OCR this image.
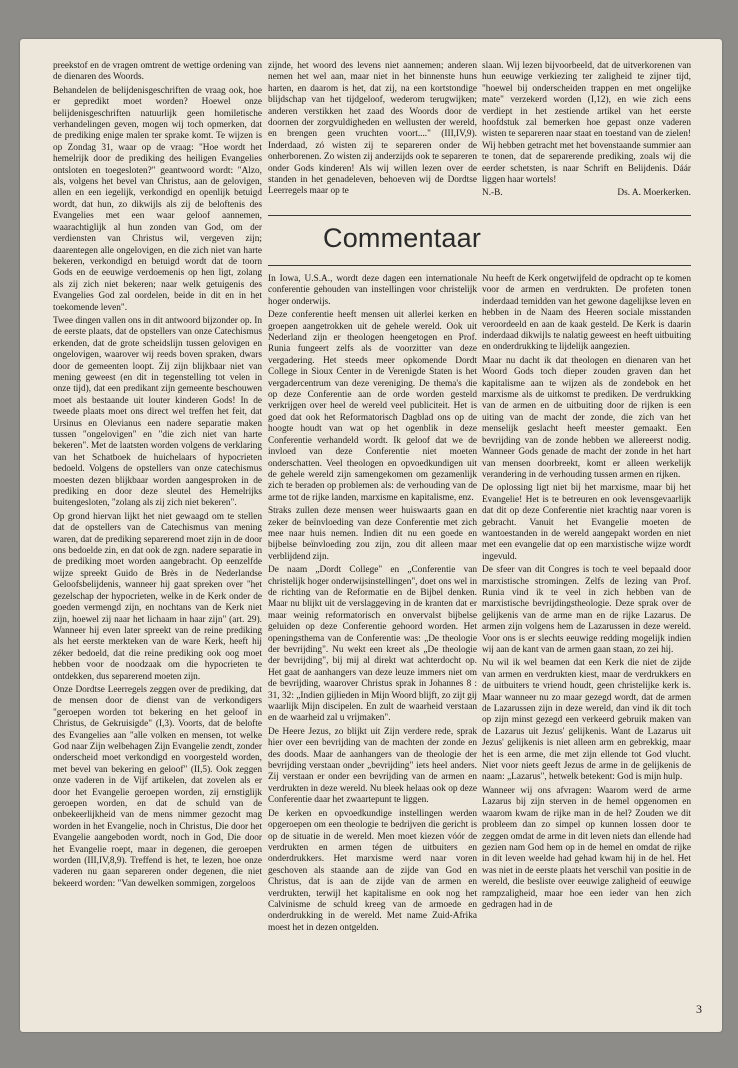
preekstof en de vragen omtrent de wettige ordening van de dienaren des Woords.

Behandelen de belijdenisgeschriften de vraag ook, hoe er gepredikt moet worden? Hoewel onze belijdenisgeschriften natuurlijk geen homiletische verhandelingen geven, mogen wij toch opmerken, dat de prediking enige malen ter sprake komt. Te wijzen is op Zondag 31, waar op de vraag: "Hoe wordt het hemelrijk door de prediking des heiligen Evangelies ontsloten en toegesloten?" geantwoord wordt: "Alzo, als, volgens het bevel van Christus, aan de gelovigen, allen en een iegelijk, verkondigd en openlijk betuigd wordt, dat hun, zo dikwijls als zij de beloftenis des Evangelies met een waar geloof aannemen, waarachtiglijk al hun zonden van God, om der verdiensten van Christus wil, vergeven zijn; daarentegen alle ongelovigen, en die zich niet van harte bekeren, verkondigd en betuigd wordt dat de toorn Gods en de eeuwige verdoemenis op hen ligt, zolang als zij zich niet bekeren; naar welk getuigenis des Evangelies God zal oordelen, beide in dit en in het toekomende leven".

Twee dingen vallen ons in dit antwoord bijzonder op. In de eerste plaats, dat de opstellers van onze Catechismus erkenden, dat de grote scheidslijn tussen gelovigen en ongelovigen, waarover wij reeds boven spraken, dwars door de gemeenten loopt. Zij zijn blijkbaar niet van mening geweest (en dit in tegenstelling tot velen in onze tijd), dat een predikant zijn gemeente beschouwen moet als bestaande uit louter kinderen Gods! In de tweede plaats moet ons direct wel treffen het feit, dat Ursinus en Olevianus een nadere separatie maken tussen "ongelovigen" en "die zich niet van harte bekeren". Met de laatsten worden volgens de verklaring van het Schatboek de huichelaars of hypocrieten bedoeld. Volgens de opstellers van onze catechismus moesten dezen blijkbaar worden aangesproken in de prediking en door deze sleutel des Hemelrijks buitengesloten, "zolang als zij zich niet bekeren".

Op grond hiervan lijkt het niet gewaagd om te stellen dat de opstellers van de Catechismus van mening waren, dat de prediking separerend moet zijn in de door ons bedoelde zin, en dat ook de zgn. nadere separatie in de prediking moet worden aangebracht. Op eenzelfde wijze spreekt Guido de Brès in de Nederlandse Geloofsbelijdenis, wanneer hij gaat spreken over "het gezelschap der hypocrieten, welke in de Kerk onder de goeden vermengd zijn, en nochtans van de Kerk niet zijn, hoewel zij naar het lichaam in haar zijn" (art. 29). Wanneer hij even later spreekt van de reine prediking als het eerste merkteken van de ware Kerk, heeft hij zéker bedoeld, dat die reine prediking ook oog moet hebben voor de noodzaak om die hypocrieten te ontdekken, dus separerend moeten zijn.

Onze Dordtse Leerregels zeggen over de prediking, dat de mensen door de dienst van de verkondigers "geroepen worden tot bekering en het geloof in Christus, de Gekruisigde" (I,3). Voorts, dat de belofte des Evangelies aan "alle volken en mensen, tot welke God naar Zijn welbehagen Zijn Evangelie zendt, zonder onderscheid moet verkondigd en voorgesteld worden, met bevel van bekering en geloof" (II,5). Ook zeggen onze vaderen in de Vijf artikelen, dat zovelen als er door het Evangelie geroepen worden, zij ernstiglijk geroepen worden, en dat de schuld van de onbekeerlijkheid van de mens nimmer gezocht mag worden in het Evangelie, noch in Christus, Die door het Evangelie aangeboden wordt, noch in God, Die door het Evangelie roept, maar in degenen, die geroepen worden (III,IV,8,9). Treffend is het, te lezen, hoe onze vaderen nu gaan separeren onder degenen, die niet bekeerd worden: "Van dewelken sommigen, zorgeloos

zijnde, het woord des levens niet aannemen; anderen nemen het wel aan, maar niet in het binnenste huns harten, en daarom is het, dat zij, na een kortstondige blijdschap van het tijdgeloof, wederom terugwijken; anderen verstikken het zaad des Woords door de doornen der zorgvuldigheden en wellusten der wereld, en brengen geen vruchten voort...." (III,IV,9). Inderdaad, zó wisten zij te separeren onder de onherborenen. Zo wisten zij anderzijds ook te separeren onder Gods kinderen! Als wij willen lezen over de standen in het genadeleven, behoeven wij de Dordtse Leerregels maar op te

slaan. Wij lezen bijvoorbeeld, dat de uitverkorenen van hun eeuwige verkiezing ter zaligheid te zijner tijd, "hoewel bij onderscheiden trappen en met ongelijke mate" verzekerd worden (I,12), en wie zich eens verdiept in het zestiende artikel van het eerste hoofdstuk zal bemerken hoe gepast onze vaderen wisten te separeren naar staat en toestand van de zielen! Wij hebben getracht met het bovenstaande summier aan te tonen, dat de separerende prediking, zoals wij die eerder schetsten, is naar Schrift en Belijdenis. Dáár liggen haar wortels!

N.-B.	Ds. A. Moerkerken.
Commentaar

In Iowa, U.S.A., wordt deze dagen een internationale conferentie gehouden van instellingen voor christelijk hoger onderwijs.

Deze conferentie heeft mensen uit allerlei kerken en groepen aangetrokken uit de gehele wereld. Ook uit Nederland zijn er theologen heengetogen en Prof. Runia fungeert zelfs als de voorzitter van deze vergadering. Het steeds meer opkomende Dordt College in Sioux Center in de Verenigde Staten is het vergadercentrum van deze vereniging. De thema's die op deze Conferentie aan de orde worden gesteld verkrijgen over heel de wereld veel publiciteit. Het is goed dat ook het Reformatorisch Dagblad ons op de hoogte houdt van wat op het ogenblik in deze Conferentie verhandeld wordt. Ik geloof dat we de invloed van deze Conferentie niet moeten onderschatten. Veel theologen en opvoedkundigen uit de gehele wereld zijn samengekomen om gezamenlijk zich te beraden op problemen als: de verhouding van de arme tot de rijke landen, marxisme en kapitalisme, enz.

Straks zullen deze mensen weer huiswaarts gaan en zeker de beïnvloeding van deze Conferentie met zich mee naar huis nemen. Indien dit nu een goede en bijbelse beïnvloeding zou zijn, zou dit alleen maar verblijdend zijn.

De naam „Dordt College" en „Conferentie van christelijk hoger onderwijsinstellingen", doet ons wel in de richting van de Reformatie en de Bijbel denken. Maar nu blijkt uit de verslaggeving in de kranten dat er maar weinig reformatorisch en onvervalst bijbelse geluiden op deze Conferentie gehoord worden. Het openingsthema van de Conferentie was: „De theologie der bevrijding". Nu wekt een kreet als „De theologie der bevrijding", bij mij al direkt wat achterdocht op. Het gaat de aanhangers van deze leuze immers niet om de bevrijding, waarover Christus sprak in Johannes 8 : 31, 32: „Indien gijlieden in Mijn Woord blijft, zo zijt gij waarlijk Mijn discipelen. En zult de waarheid verstaan en de waarheid zal u vrijmaken".

De Heere Jezus, zo blijkt uit Zijn verdere rede, sprak hier over een bevrijding van de machten der zonde en des doods. Maar de aanhangers van de theologie der bevrijding verstaan onder „bevrijding" iets heel anders. Zij verstaan er onder een bevrijding van de armen en verdrukten in deze wereld. Nu bleek helaas ook op deze Conferentie daar het zwaartepunt te liggen.

De kerken en opvoedkundige instellingen werden opgeroepen om een theologie te bedrijven die gericht is op de situatie in de wereld. Men moet kiezen vóór de verdrukten en armen tégen de uitbuiters en onderdrukkers. Het marxisme werd naar voren geschoven als staande aan de zijde van God en Christus, dat is aan de zijde van de armen en verdrukten, terwijl het kapitalisme en ook nog het Calvinisme de schuld kreeg van de armoede en onderdrukking in de wereld. Met name Zuid-Afrika moest het in dezen ontgelden.

Nu heeft de Kerk ongetwijfeld de opdracht op te komen voor de armen en verdrukten. De profeten tonen inderdaad temidden van het gewone dagelijkse leven en hebben in de Naam des Heeren sociale misstanden veroordeeld en aan de kaak gesteld. De Kerk is daarin inderdaad dikwijls te nalatig geweest en heeft uitbuiting en onderdrukking te lijdelijk aangezien.

Maar nu dacht ik dat theologen en dienaren van het Woord Gods toch dieper zouden graven dan het kapitalisme aan te wijzen als de zondebok en het marxisme als de uitkomst te prediken. De verdrukking van de armen en de uitbuiting door de rijken is een uiting van de macht der zonde, die zich van het menselijk geslacht heeft meester gemaakt. Een bevrijding van de zonde hebben we allereerst nodig. Wanneer Gods genade de macht der zonde in het hart van mensen doorbreekt, komt er alleen werkelijk verandering in de verhouding tussen armen en rijken.

De oplossing ligt niet bij het marxisme, maar bij het Evangelie! Het is te betreuren en ook levensgevaarlijk dat dit op deze Conferentie niet krachtig naar voren is gebracht. Vanuit het Evangelie moeten de wantoestanden in de wereld aangepakt worden en niet met een evangelie dat op een marxistische wijze wordt ingevuld.

De sfeer van dit Congres is toch te veel bepaald door marxistische stromingen. Zelfs de lezing van Prof. Runia vind ik te veel in zich hebben van de marxistische bevrijdingstheologie. Deze sprak over de gelijkenis van de arme man en de rijke Lazarus. De armen zijn volgens hem de Lazarussen in deze wereld. Voor ons is er slechts eeuwige redding mogelijk indien wij aan de kant van de armen gaan staan, zo zei hij.

Nu wil ik wel beamen dat een Kerk die niet de zijde van armen en verdrukten kiest, maar de verdrukkers en de uitbuiters te vriend houdt, geen christelijke kerk is. Maar wanneer nu zo maar gezegd wordt, dat de armen de Lazarussen zijn in deze wereld, dan vind ik dit toch op zijn minst gezegd een verkeerd gebruik maken van de Lazarus uit Jezus' gelijkenis. Want de Lazarus uit Jezus' gelijkenis is niet alleen arm en gebrekkig, maar het is een arme, die met zijn ellende tot God vlucht. Niet voor niets geeft Jezus de arme in de gelijkenis de naam: „Lazarus", hetwelk betekent: God is mijn hulp.

Wanneer wij ons afvragen: Waarom werd de arme Lazarus bij zijn sterven in de hemel opgenomen en waarom kwam de rijke man in de hel? Zouden we dit probleem dan zo simpel op kunnen lossen door te zeggen omdat de arme in dit leven niets dan ellende had gezien nam God hem op in de hemel en omdat de rijke in dit leven weelde had gehad kwam hij in de hel. Het was niet in de eerste plaats het verschil van positie in de wereld, die besliste over eeuwige zaligheid of eeuwige rampzaligheid, maar hoe een ieder van hen zich gedragen had in de

3
